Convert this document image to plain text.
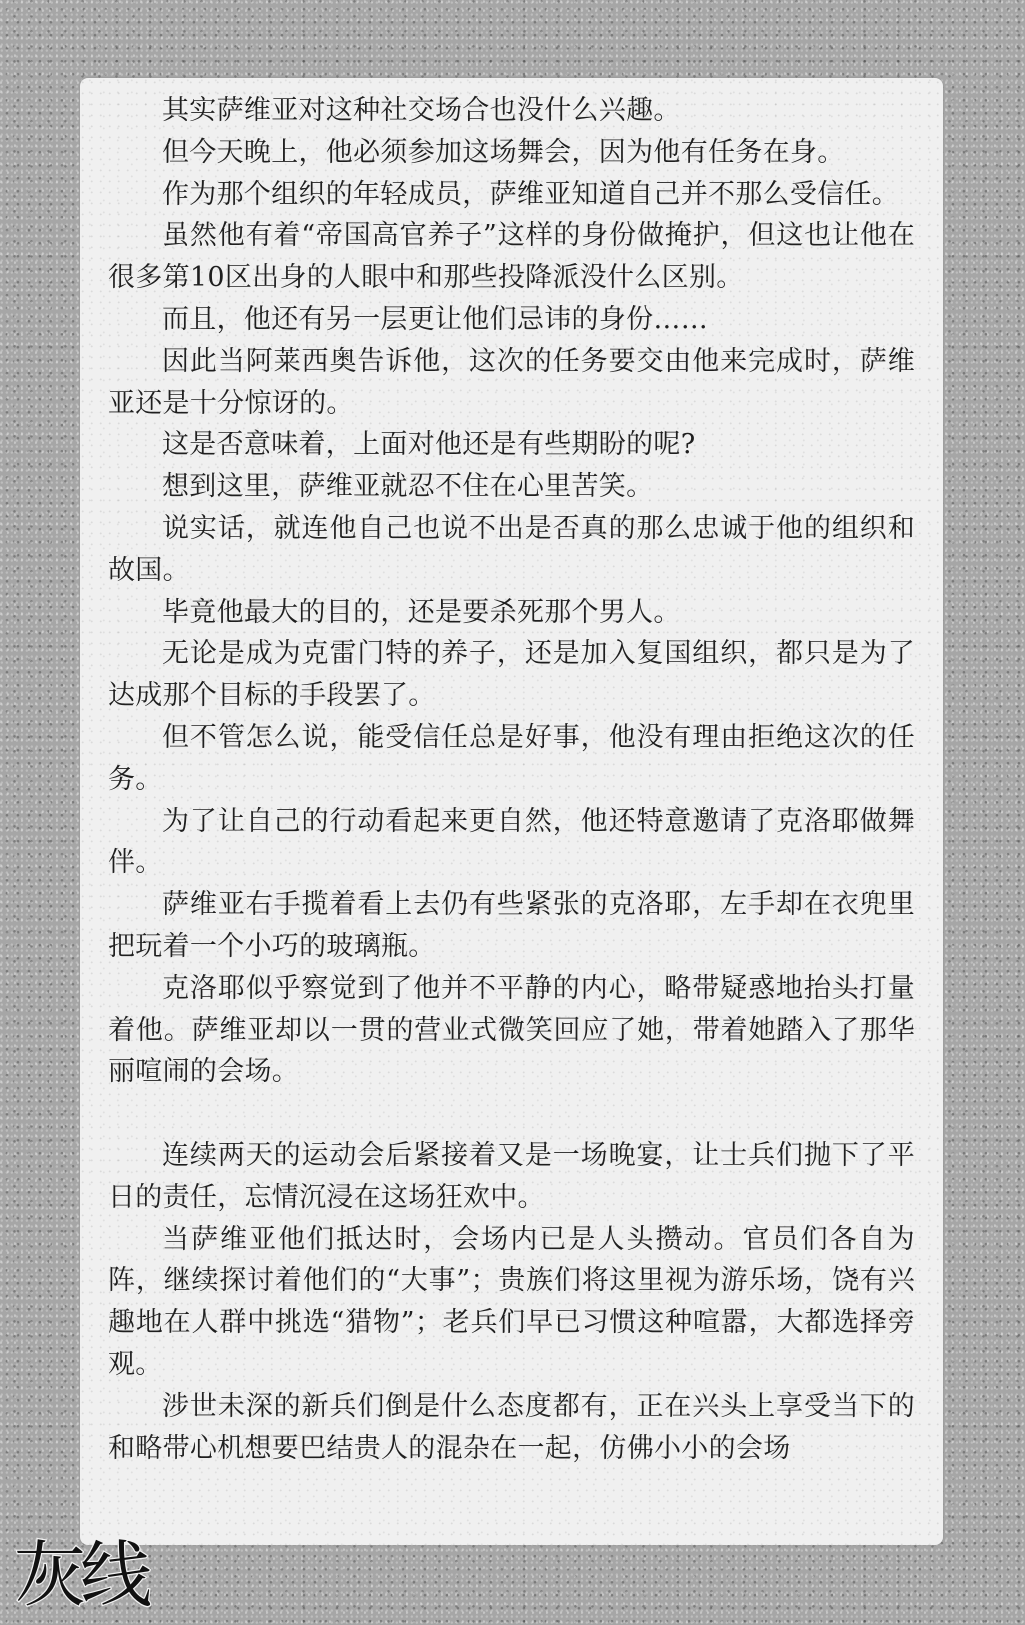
其实萨维亚对这种社交场合也没什么兴趣。

但今天晚上，他必须参加这场舞会，因为他有任务在身。

作为那个组织的年轻成员，萨维亚知道自己并不那么受信任。

虽然他有着“帝国高官养子”这样的身份做掩护，但这也让他在很多第10区出身的人眼中和那些投降派没什么区别。

而且，他还有另一层更让他们忌讳的身份……

因此当阿莱西奥告诉他，这次的任务要交由他来完成时，萨维亚还是十分惊讶的。

这是否意味着，上面对他还是有些期盼的呢?

想到这里，萨维亚就忍不住在心里苦笑。

说实话，就连他自己也说不出是否真的那么忠诚于他的组织和故国。

毕竟他最大的目的，还是要杀死那个男人。

无论是成为克雷门特的养子，还是加入复国组织，都只是为了达成那个目标的手段罢了。

但不管怎么说，能受信任总是好事，他没有理由拒绝这次的任务。

为了让自己的行动看起来更自然，他还特意邀请了克洛耶做舞伴。

萨维亚右手揽着看上去仍有些紧张的克洛耶，左手却在衣兜里把玩着一个小巧的玻璃瓶。

克洛耶似乎察觉到了他并不平静的内心，略带疑惑地抬头打量着他。萨维亚却以一贯的营业式微笑回应了她，带着她踏入了那华丽喧闹的会场。

连续两天的运动会后紧接着又是一场晚宴，让士兵们抛下了平日的责任，忘情沉浸在这场狂欢中。

当萨维亚他们抵达时，会场内已是人头攒动。官员们各自为阵，继续探讨着他们的“大事”；贵族们将这里视为游乐场，饶有兴趣地在人群中挑选“猎物”；老兵们早已习惯这种喧嚣，大都选择旁观。

涉世未深的新兵们倒是什么态度都有，正在兴头上享受当下的和略带心机想要巴结贵人的混杂在一起，仿佛小小的会场

灰线
